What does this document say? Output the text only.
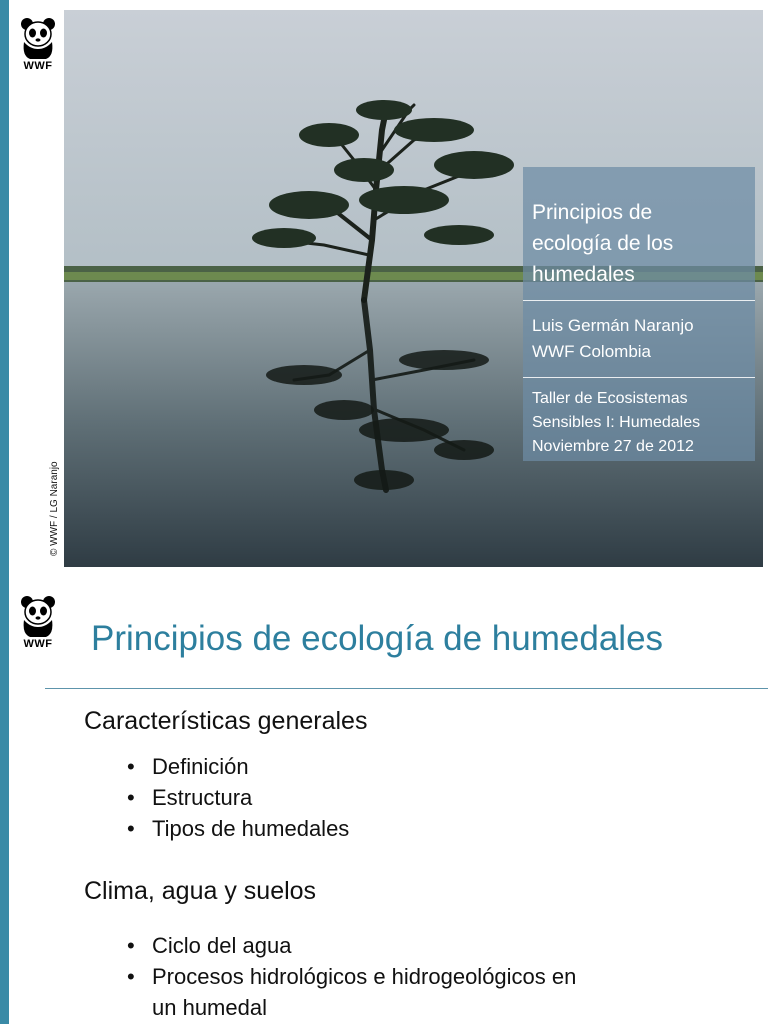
WWF
© WWF / LG Naranjo
Principios de
ecología de los
humedales
Luis Germán Naranjo
WWF Colombia
Taller de Ecosistemas
Sensibles I: Humedales
Noviembre 27 de 2012
WWF Principios de ecología de humedales
Características generales
• Definición
• Estructura
• Tipos de humedales
Clima, agua y suelos
• Ciclo del agua
• Procesos hidrológicos e hidrogeológicos en
un humedal
